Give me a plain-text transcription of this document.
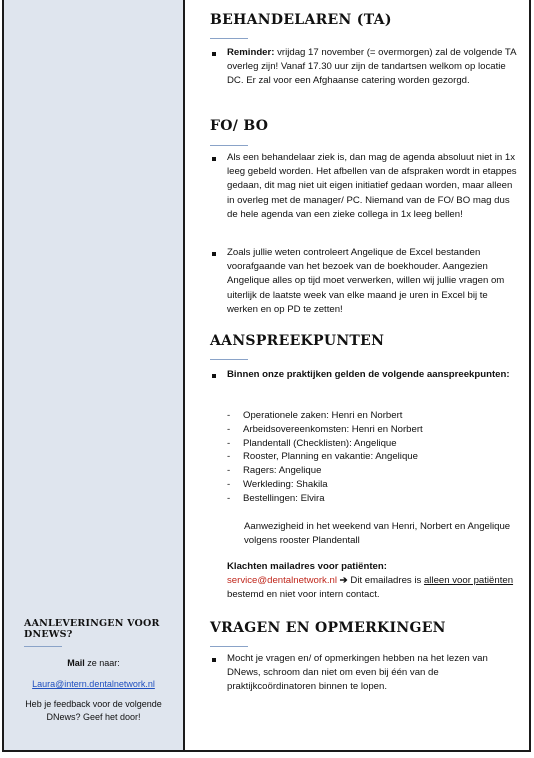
AANLEVERINGEN VOOR DNEWS?

Mail ze naar:
Laura@intern.dentalnetwork.nl
Heb je feedback voor de volgende DNews? Geef het door!
BEHANDELAREN (TA)
Reminder: vrijdag 17 november (= overmorgen) zal de volgende TA overleg zijn! Vanaf 17.30 uur zijn de tandartsen welkom op locatie DC. Er zal voor een Afghaanse catering worden gezorgd.
FO/ BO
Als een behandelaar ziek is, dan mag de agenda absoluut niet in 1x leeg gebeld worden. Het afbellen van de afspraken wordt in etappes gedaan, dit mag niet uit eigen initiatief gedaan worden, maar alleen in overleg met de manager/ PC. Niemand van de FO/ BO mag dus de hele agenda van een zieke collega in 1x leeg bellen!
Zoals jullie weten controleert Angelique de Excel bestanden voorafgaande van het bezoek van de boekhouder. Aangezien Angelique alles op tijd moet verwerken, willen wij jullie vragen om uiterlijk de laatste week van elke maand je uren in Excel bij te werken en op PD te zetten!
AANSPREEKPUNTEN
Binnen onze praktijken gelden de volgende aanspreekpunten:
- Operationele zaken: Henri en Norbert
- Arbeidsovereenkomsten: Henri en Norbert
- Plandentall (Checklisten): Angelique
- Rooster, Planning en vakantie: Angelique
- Ragers: Angelique
- Werkleding: Shakila
- Bestellingen: Elvira
Aanwezigheid in het weekend van Henri, Norbert en Angelique volgens rooster Plandentall
Klachten mailadres voor patiënten:
service@dentalnetwork.nl ➔ Dit emailadres is alleen voor patiënten bestemd en niet voor intern contact.
VRAGEN EN OPMERKINGEN
Mocht je vragen en/ of opmerkingen hebben na het lezen van DNews, schroom dan niet om even bij één van de praktijkcoördinatoren binnen te lopen.
